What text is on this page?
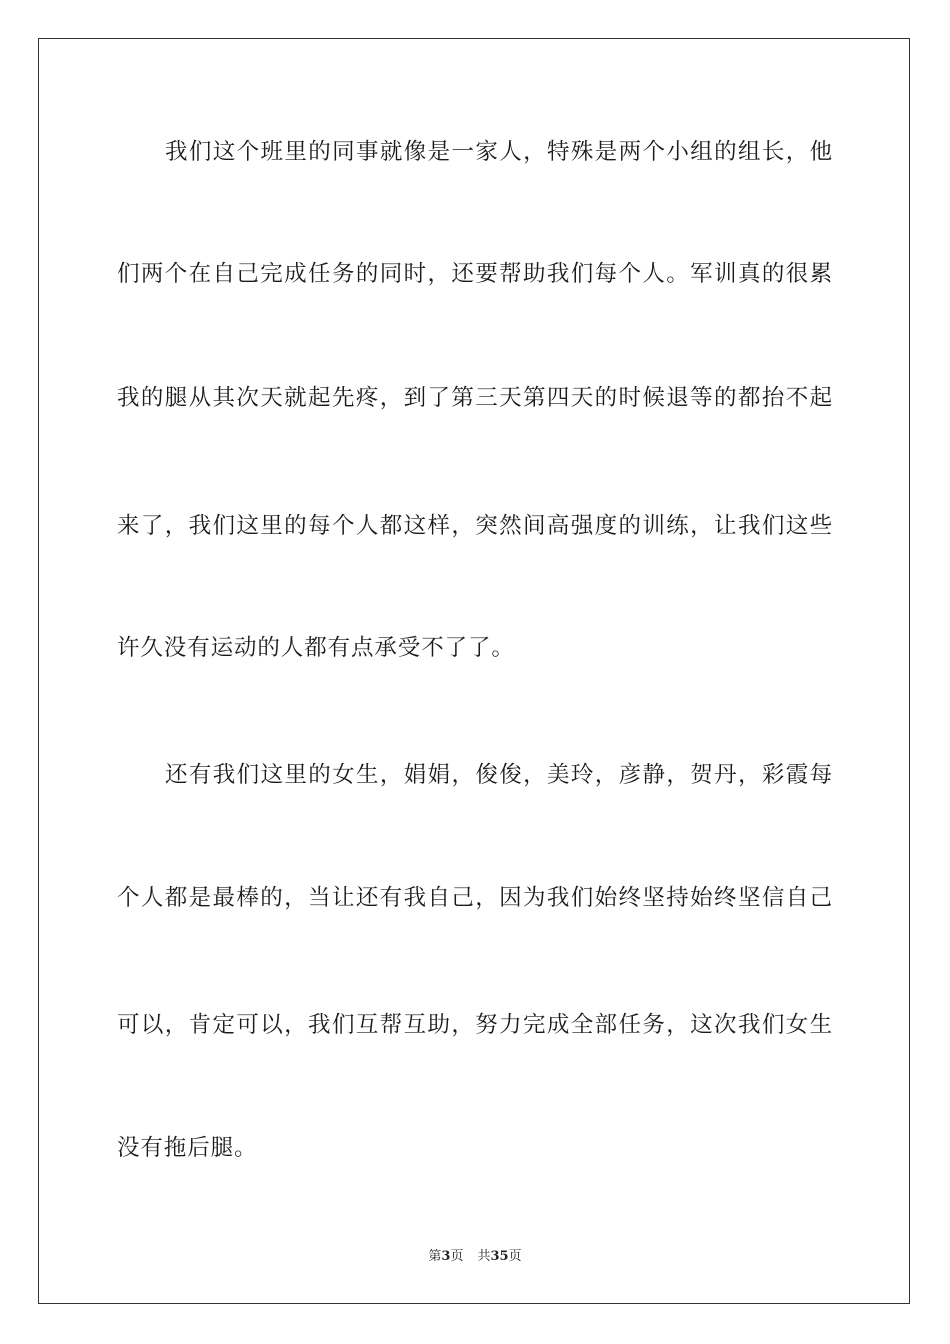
我们这个班里的同事就像是一家人，特殊是两个小组的组长，他
们两个在自己完成任务的同时，还要帮助我们每个人。军训真的很累
我的腿从其次天就起先疼，到了第三天第四天的时候退等的都抬不起
来了，我们这里的每个人都这样，突然间高强度的训练，让我们这些
许久没有运动的人都有点承受不了了。
还有我们这里的女生，娟娟，俊俊，美玲，彦静，贺丹，彩霞每
个人都是最棒的，当让还有我自己，因为我们始终坚持始终坚信自己
可以，肯定可以，我们互帮互助，努力完成全部任务，这次我们女生
没有拖后腿。
第3页 共35页
